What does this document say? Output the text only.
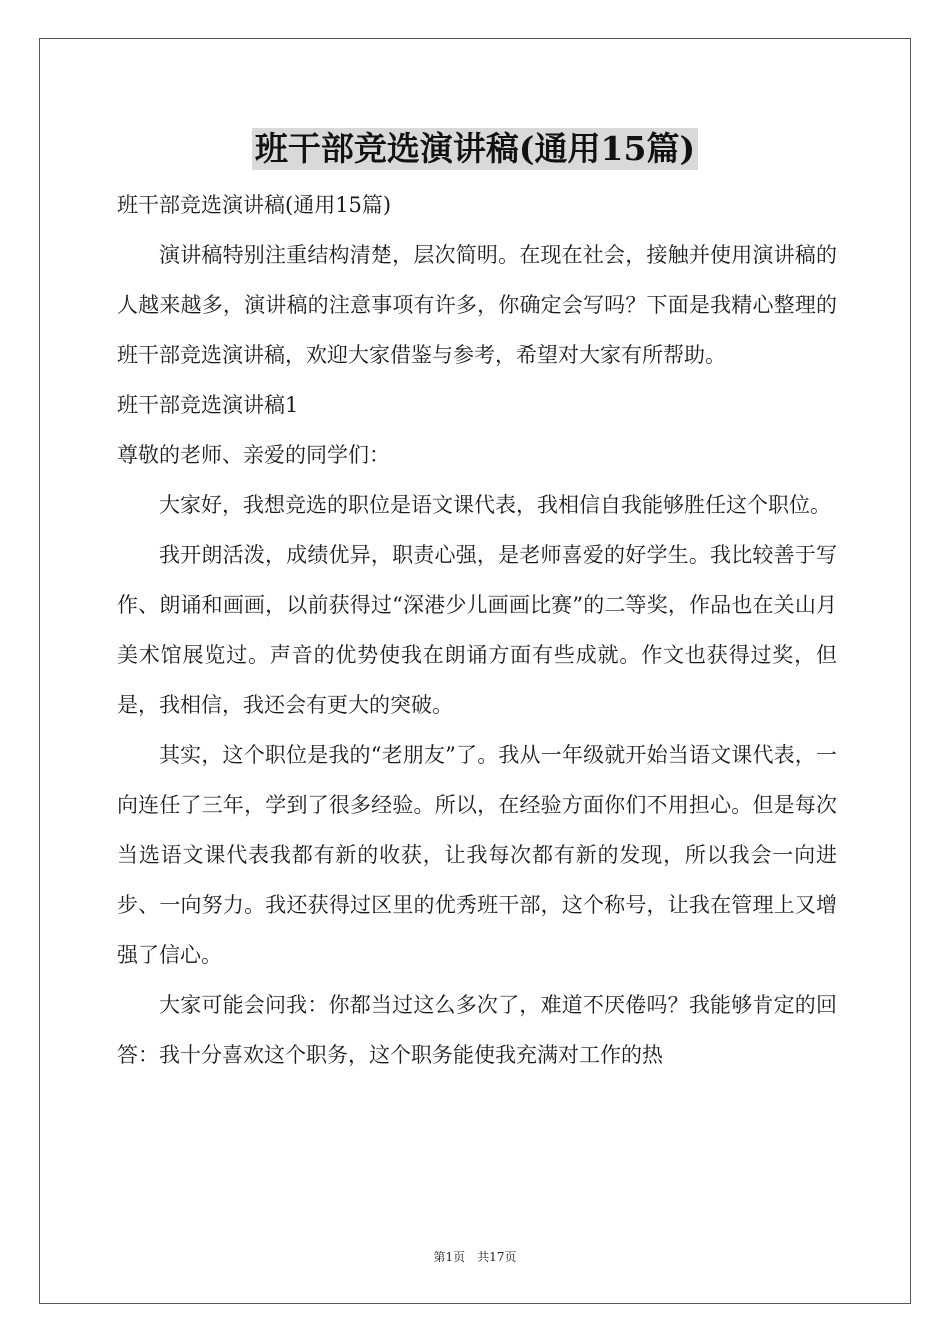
班干部竞选演讲稿(通用15篇)

班干部竞选演讲稿(通用15篇)

演讲稿特别注重结构清楚，层次简明。在现在社会，接触并使用演讲稿的人越来越多，演讲稿的注意事项有许多，你确定会写吗？下面是我精心整理的班干部竞选演讲稿，欢迎大家借鉴与参考，希望对大家有所帮助。

班干部竞选演讲稿1

尊敬的老师、亲爱的同学们：

大家好，我想竞选的职位是语文课代表，我相信自我能够胜任这个职位。

我开朗活泼，成绩优异，职责心强，是老师喜爱的好学生。我比较善于写作、朗诵和画画，以前获得过“深港少儿画画比赛”的二等奖，作品也在关山月美术馆展览过。声音的优势使我在朗诵方面有些成就。作文也获得过奖，但是，我相信，我还会有更大的突破。

其实，这个职位是我的“老朋友”了。我从一年级就开始当语文课代表，一向连任了三年，学到了很多经验。所以，在经验方面你们不用担心。但是每次当选语文课代表我都有新的收获，让我每次都有新的发现，所以我会一向进步、一向努力。我还获得过区里的优秀班干部，这个称号，让我在管理上又增强了信心。

大家可能会问我：你都当过这么多次了，难道不厌倦吗？我能够肯定的回答：我十分喜欢这个职务，这个职务能使我充满对工作的热

第1页　共17页
